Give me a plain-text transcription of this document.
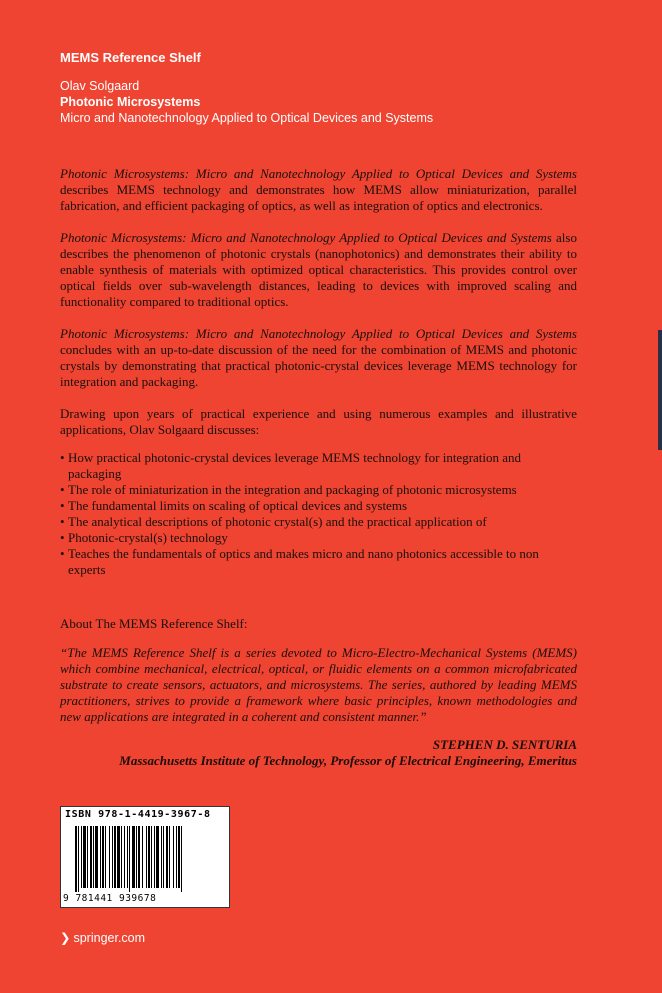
MEMS Reference Shelf
Olav Solgaard
Photonic Microsystems
Micro and Nanotechnology Applied to Optical Devices and Systems

Photonic Microsystems: Micro and Nanotechnology Applied to Optical Devices and Systems describes MEMS technology and demonstrates how MEMS allow miniaturization, parallel fabrication, and efficient packaging of optics, as well as integration of optics and electronics.

Photonic Microsystems: Micro and Nanotechnology Applied to Optical Devices and Systems also describes the phenomenon of photonic crystals (nanophotonics) and demonstrates their ability to enable synthesis of materials with optimized optical characteristics. This provides control over optical fields over sub-wavelength distances, leading to devices with improved scaling and functionality compared to traditional optics.

Photonic Microsystems: Micro and Nanotechnology Applied to Optical Devices and Systems concludes with an up-to-date discussion of the need for the combination of MEMS and photonic crystals by demonstrating that practical photonic-crystal devices leverage MEMS technology for integration and packaging.

Drawing upon years of practical experience and using numerous examples and illustrative applications, Olav Solgaard discusses:

• How practical photonic-crystal devices leverage MEMS technology for integration and packaging
• The role of miniaturization in the integration and packaging of photonic microsystems
• The fundamental limits on scaling of optical devices and systems
• The analytical descriptions of photonic crystal(s) and the practical application of
• Photonic-crystal(s) technology
• Teaches the fundamentals of optics and makes micro and nano photonics accessible to non experts
About The MEMS Reference Shelf:
“The MEMS Reference Shelf is a series devoted to Micro-Electro-Mechanical Systems (MEMS) which combine mechanical, electrical, optical, or fluidic elements on a common microfabricated substrate to create sensors, actuators, and microsystems. The series, authored by leading MEMS practitioners, strives to provide a framework where basic principles, known methodologies and new applications are integrated in a coherent and consistent manner.”
STEPHEN D. SENTURIA
Massachusetts Institute of Technology, Professor of Electrical Engineering, Emeritus
ISBN 978-1-4419-3967-8
9 781441 939678
❯ springer.com
